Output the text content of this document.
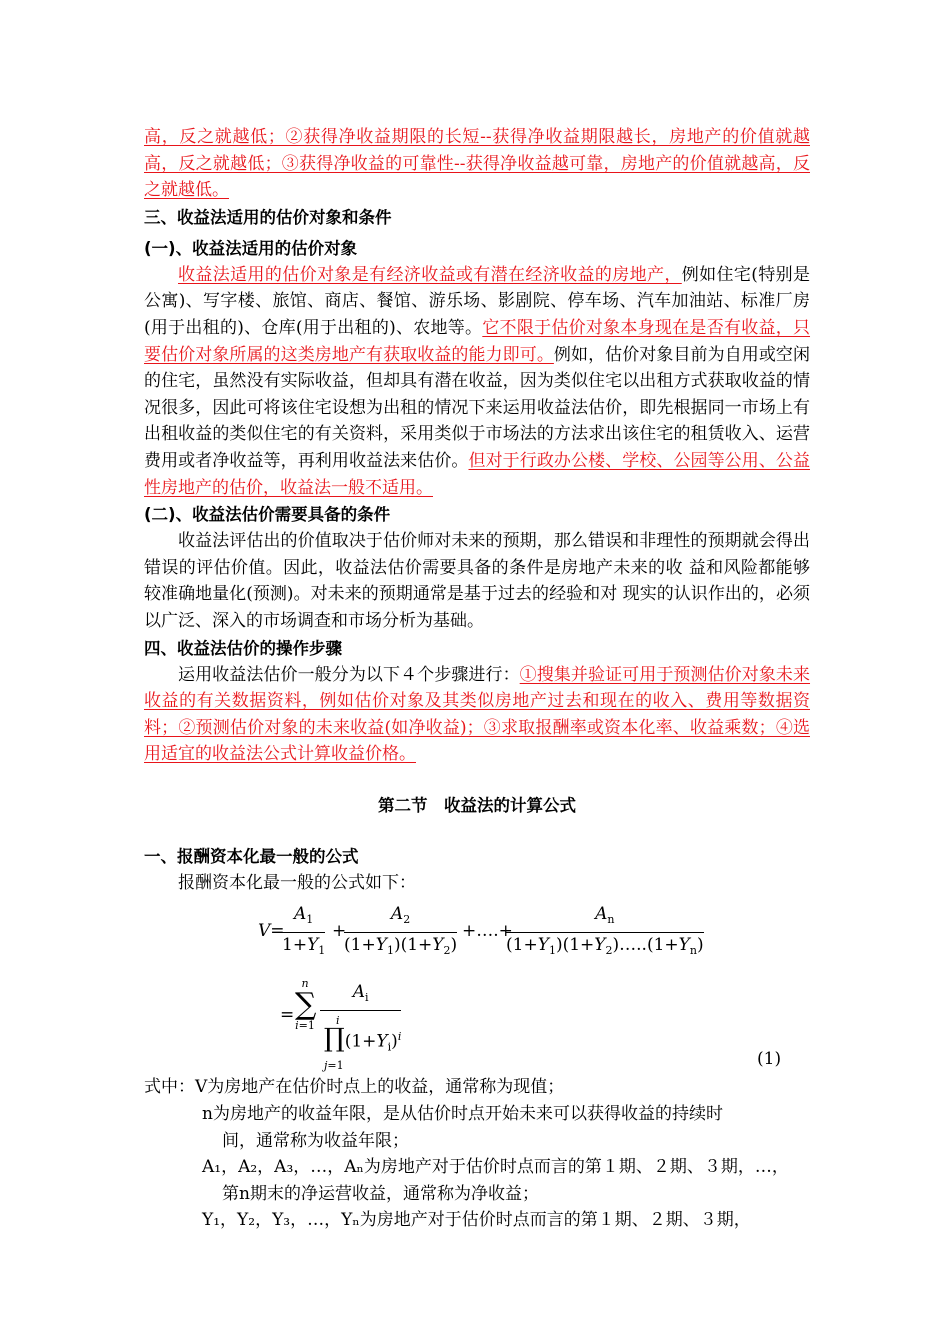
高，反之就越低；②获得净收益期限的长短--获得净收益期限越长，房地产的价值就越高，反之就越低；③获得净收益的可靠性--获得净收益越可靠，房地产的价值就越高，反之就越低。

三、收益法适用的估价对象和条件

(一)、收益法适用的估价对象

收益法适用的估价对象是有经济收益或有潜在经济收益的房地产，例如住宅(特别是公寓)、写字楼、旅馆、商店、餐馆、游乐场、影剧院、停车场、汽车加油站、标准厂房(用于出租的)、仓库(用于出租的)、农地等。它不限于估价对象本身现在是否有收益，只要估价对象所属的这类房地产有获取收益的能力即可。例如，估价对象目前为自用或空闲的住宅，虽然没有实际收益，但却具有潜在收益，因为类似住宅以出租方式获取收益的情况很多，因此可将该住宅设想为出租的情况下来运用收益法估价，即先根据同一市场上有出租收益的类似住宅的有关资料，采用类似于市场法的方法求出该住宅的租赁收入、运营费用或者净收益等，再利用收益法来估价。但对于行政办公楼、学校、公园等公用、公益性房地产的估价，收益法一般不适用。

(二)、收益法估价需要具备的条件

收益法评估出的价值取决于估价师对未来的预期，那么错误和非理性的预期就会得出错误的评估价值。因此，收益法估价需要具备的条件是房地产未来的收 益和风险都能够较准确地量化(预测)。对未来的预期通常是基于过去的经验和对 现实的认识作出的，必须以广泛、深入的市场调查和市场分析为基础。

四、收益法估价的操作步骤

运用收益法估价一般分为以下４个步骤进行：①搜集并验证可用于预测估价对象未来收益的有关数据资料，例如估价对象及其类似房地产过去和现在的收入、费用等数据资料；②预测估价对象的未来收益(如净收益)；③求取报酬率或资本化率、收益乘数；④选用适宜的收益法公式计算收益价格。

第二节　收益法的计算公式

一、报酬资本化最一般的公式

报酬资本化最一般的公式如下：

V=
$\frac{A_1}{1+Y_1}$ +
$\frac{A_2}{(1+Y_1)(1+Y_2)}$ +….+
$\frac{A_n}{(1+Y_1)(1+Y_2)\dots..(1+Y_n)}$
=
n
∑
i=1
$A_i$
i
$\prod(1+Y_i)^i$
j=1	(1)

式中：V为房地产在估价时点上的收益，通常称为现值；

n为房地产的收益年限，是从估价时点开始未来可以获得收益的持续时

间，通常称为收益年限；

A₁，A₂，A₃，…，Aₙ为房地产对于估价时点而言的第１期、２期、３期，…，

第n期末的净运营收益，通常称为净收益；

Y₁，Y₂，Y₃，…，Yₙ为房地产对于估价时点而言的第１期、２期、３期，
